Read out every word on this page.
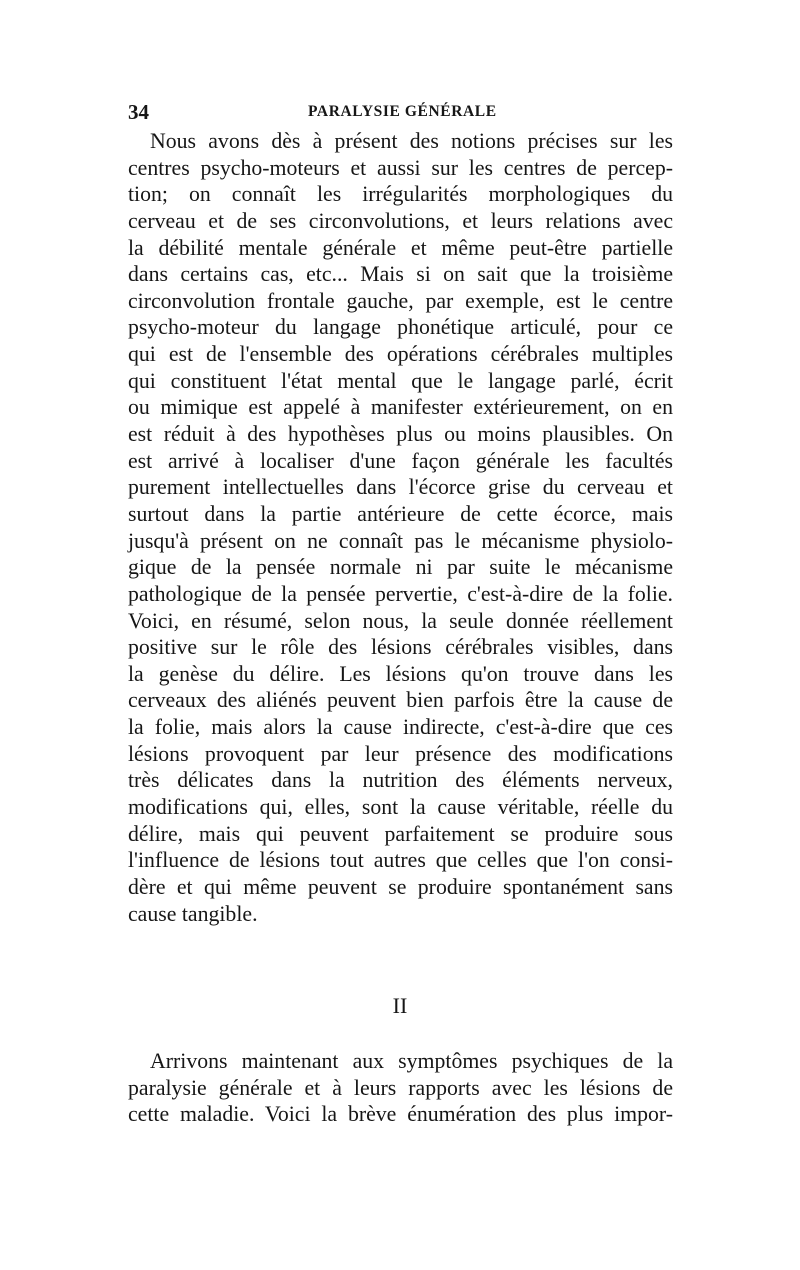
34	PARALYSIE GÉNÉRALE
Nous avons dès à présent des notions précises sur les
centres psycho-moteurs et aussi sur les centres de percep-
tion; on connaît les irrégularités morphologiques du
cerveau et de ses circonvolutions, et leurs relations avec
la débilité mentale générale et même peut-être partielle
dans certains cas, etc... Mais si on sait que la troisième
circonvolution frontale gauche, par exemple, est le centre
psycho-moteur du langage phonétique articulé, pour ce
qui est de l'ensemble des opérations cérébrales multiples
qui constituent l'état mental que le langage parlé, écrit
ou mimique est appelé à manifester extérieurement, on en
est réduit à des hypothèses plus ou moins plausibles. On
est arrivé à localiser d'une façon générale les facultés
purement intellectuelles dans l'écorce grise du cerveau et
surtout dans la partie antérieure de cette écorce, mais
jusqu'à présent on ne connaît pas le mécanisme physiolo-
gique de la pensée normale ni par suite le mécanisme
pathologique de la pensée pervertie, c'est-à-dire de la folie.
Voici, en résumé, selon nous, la seule donnée réellement
positive sur le rôle des lésions cérébrales visibles, dans
la genèse du délire. Les lésions qu'on trouve dans les
cerveaux des aliénés peuvent bien parfois être la cause de
la folie, mais alors la cause indirecte, c'est-à-dire que ces
lésions provoquent par leur présence des modifications
très délicates dans la nutrition des éléments nerveux,
modifications qui, elles, sont la cause véritable, réelle du
délire, mais qui peuvent parfaitement se produire sous
l'influence de lésions tout autres que celles que l'on consi-
dère et qui même peuvent se produire spontanément sans
cause tangible.
II
Arrivons maintenant aux symptômes psychiques de la
paralysie générale et à leurs rapports avec les lésions de
cette maladie. Voici la brève énumération des plus impor-
